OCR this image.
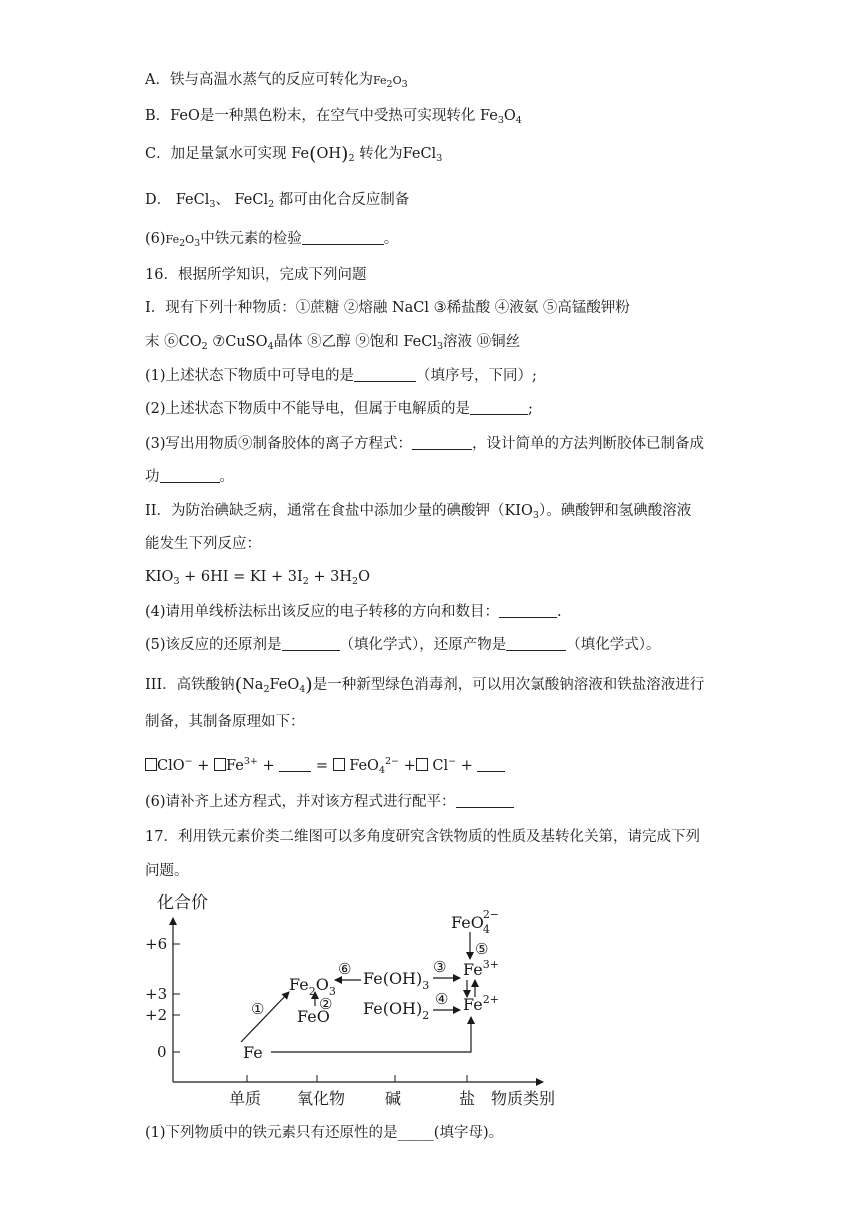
A．铁与高温水蒸气的反应可转化为$Fe_2O_3$
B．FeO是一种黑色粉末，在空气中受热可实现转化 $Fe_3O_4$
C．加足量氯水可实现 $Fe(OH)_2$ 转化为FeCl$_3$
D． FeCl$_3$、 FeCl$_2$ 都可由化合反应制备
$(6)Fe_2O_3$中铁元素的检验	。
16．根据所学知识，完成下列问题
I．现有下列十种物质：①蔗糖 ②熔融 NaCl ③稀盐酸 ④液氨 ⑤高锰酸钾粉
末 $⑥CO_2$ ⑦CuSO$_4$晶体 ⑧乙醇 ⑨饱和 FeCl$_3$溶液 ⑩铜丝
(1)上述状态下物质中可导电的是	（填序号，下同）;
(2)上述状态下物质中不能导电，但属于电解质的是	;
(3)写出用物质⑨制备胶体的离子方程式：	，设计简单的方法判断胶体已制备成
功	。
II．为防治碘缺乏病，通常在食盐中添加少量的碘酸钾$(KIO_3)$。碘酸钾和氢碘酸溶液
能发生下列反应：
$KIO_3 + 6HI$ = KI + $3I_2 + 3H_2O$
(4)请用单线桥法标出该反应的电子转移的方向和数目：	.
(5)该反应的还原剂是	（填化学式），还原产物是	（填化学式）。
III．高铁酸钠$(Na_2FeO_4)$是一种新型绿色消毒剂，可以用次氯酸钠溶液和铁盐溶液进行
制备，其制备原理如下：
$ClO^- + Fe^{3+}$ +  =  FeO$_4^{2-}$ + Cl− +
(6)请补齐上述方程式，并对该方程式进行配平：
17．利用铁元素价类二维图可以多角度研究含铁物质的性质及基转化关第，请完成下列
问题。
化合价
+6
+3
+2
0
单质 氧化物 碱	盐 物质类别
Fe
FeO
$Fe_2O_3$
$Fe(OH)_3$
$Fe(OH)_2$
$Fe^{3+}$
$Fe^{2+}$
FeO42−
①	②
⑥	③
④
⑤
(1)下列物质中的铁元素只有还原性的是_____(填字母)。
